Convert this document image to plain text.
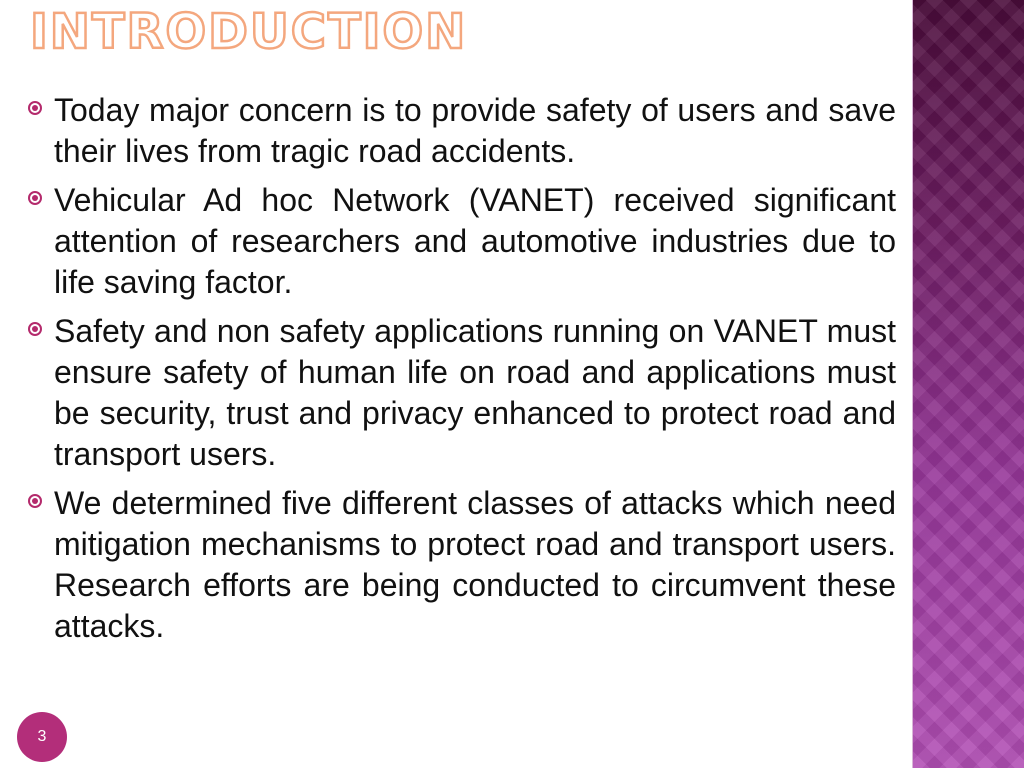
INTRODUCTION

Today major concern is to provide safety of users and save their lives from tragic road accidents.

Vehicular Ad hoc Network (VANET) received significant attention of researchers and automotive industries due to life saving factor.

Safety and non safety applications running on VANET must ensure safety of human life on road and applications must be security, trust and privacy enhanced to protect road and transport users.

We determined five different classes of attacks which need mitigation mechanisms to protect road and transport users. Research efforts are being conducted to circumvent these attacks.

3
